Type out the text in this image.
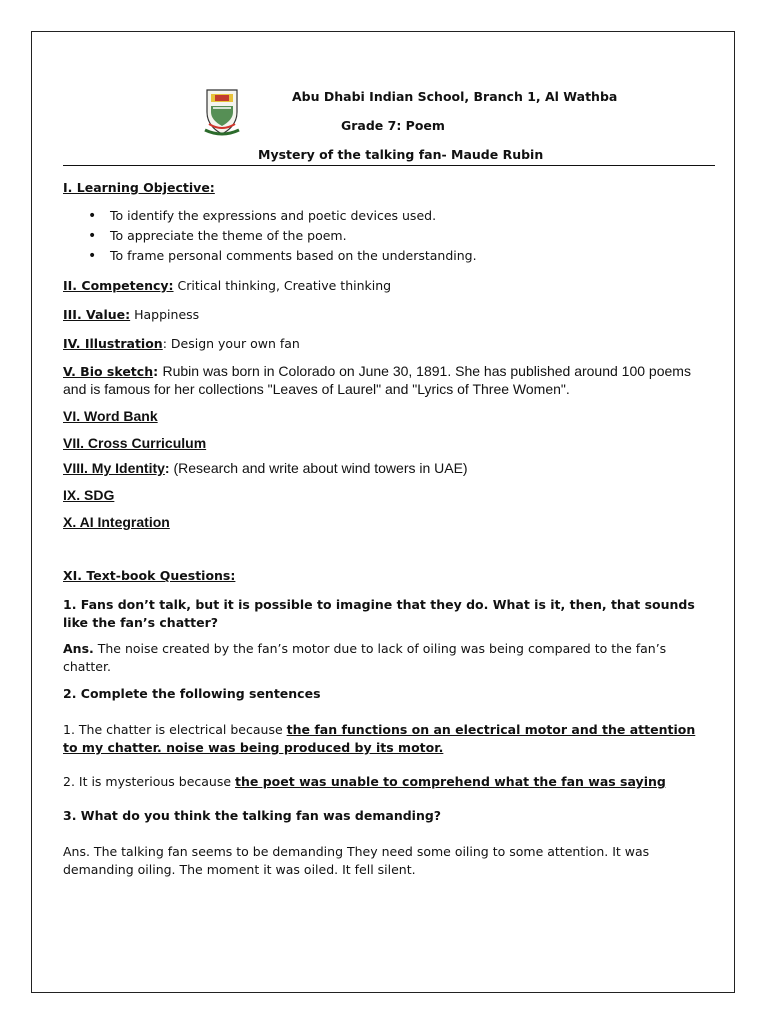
Abu Dhabi Indian School, Branch 1, Al Wathba
Grade 7: Poem
Mystery of the talking fan- Maude Rubin
I. Learning Objective:
• To identify the expressions and poetic devices used.
• To appreciate the theme of the poem.
• To frame personal comments based on the understanding.
II. Competency: Critical thinking, Creative thinking
III. Value: Happiness
IV. Illustration: Design your own fan
V. Bio sketch: Rubin was born in Colorado on June 30, 1891. She has published around 100 poems
and is famous for her collections "Leaves of Laurel" and "Lyrics of Three Women".
VI. Word Bank
VII. Cross Curriculum
VIII. My Identity: (Research and write about wind towers in UAE)
IX. SDG
X. AI Integration
XI. Text-book Questions:
1. Fans don’t talk, but it is possible to imagine that they do. What is it, then, that sounds like the fan’s chatter?
Ans. The noise created by the fan’s motor due to lack of oiling was being compared to the fan’s chatter.
2. Complete the following sentences
1. The chatter is electrical because the fan functions on an electrical motor and the attention to my chatter. noise was being produced by its motor.
2. It is mysterious because the poet was unable to comprehend what the fan was saying
3. What do you think the talking fan was demanding?
Ans. The talking fan seems to be demanding They need some oiling to some attention. It was demanding oiling. The moment it was oiled. It fell silent.
